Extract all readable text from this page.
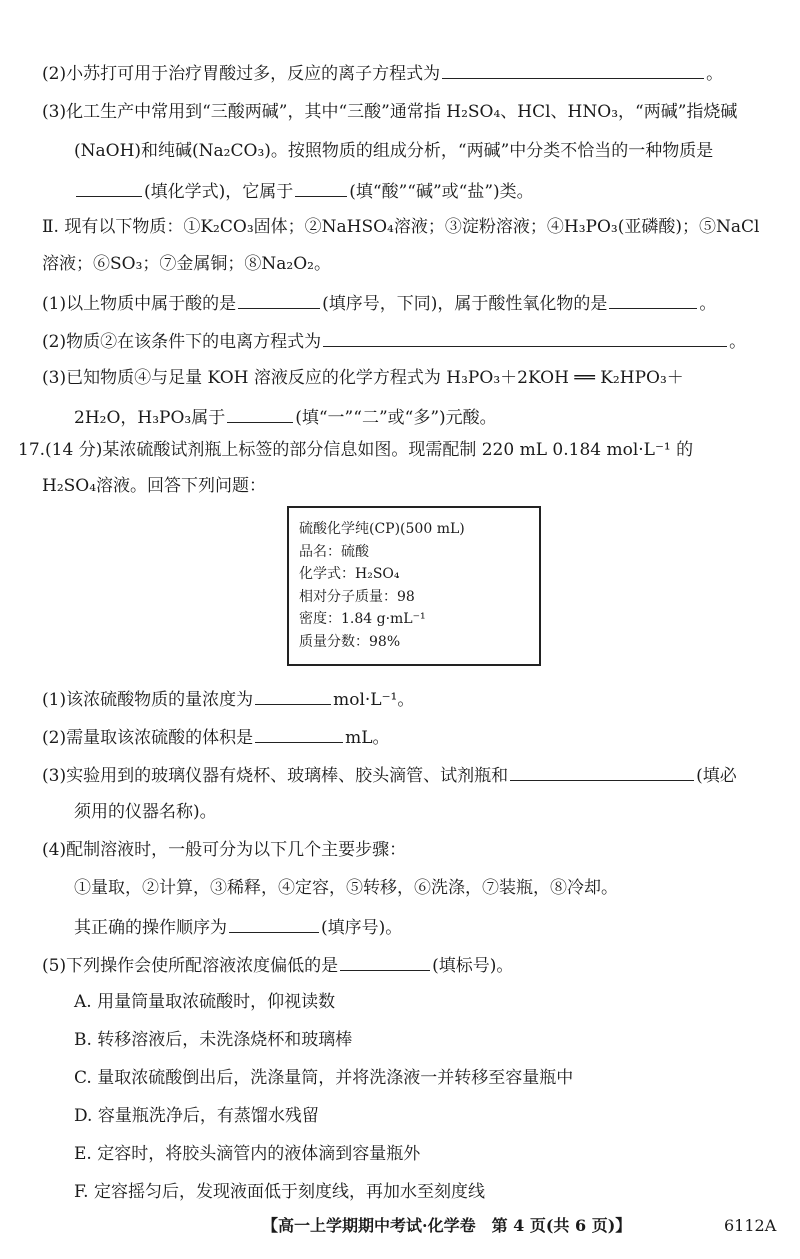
(2)小苏打可用于治疗胃酸过多，反应的离子方程式为	。
(3)化工生产中常用到“三酸两碱”，其中“三酸”通常指 H₂SO₄、HCl、HNO₃，“两碱”指烧碱
(NaOH)和纯碱(Na₂CO₃)。按照物质的组成分析，“两碱”中分类不恰当的一种物质是
(填化学式)，它属于	(填“酸”“碱”或“盐”)类。
Ⅱ. 现有以下物质：①K₂CO₃固体；②NaHSO₄溶液；③淀粉溶液；④H₃PO₃(亚磷酸)；⑤NaCl
溶液；⑥SO₃；⑦金属铜；⑧Na₂O₂。
(1)以上物质中属于酸的是	(填序号，下同)，属于酸性氧化物的是	。
(2)物质②在该条件下的电离方程式为	。
(3)已知物质④与足量 KOH 溶液反应的化学方程式为 H₃PO₃＋2KOH ══ K₂HPO₃＋
2H₂O，H₃PO₃属于	(填“一”“二”或“多”)元酸。
17.(14 分)某浓硫酸试剂瓶上标签的部分信息如图。现需配制 220 mL 0.184 mol·L⁻¹ 的
H₂SO₄溶液。回答下列问题：
硫酸化学纯(CP)(500 mL)
品名：硫酸
化学式：H₂SO₄
相对分子质量：98
密度：1.84 g·mL⁻¹
质量分数：98%
(1)该浓硫酸物质的量浓度为	mol·L⁻¹。
(2)需量取该浓硫酸的体积是	mL。
(3)实验用到的玻璃仪器有烧杯、玻璃棒、胶头滴管、试剂瓶和	(填必
须用的仪器名称)。
(4)配制溶液时，一般可分为以下几个主要步骤：
①量取，②计算，③稀释，④定容，⑤转移，⑥洗涤，⑦装瓶，⑧冷却。
其正确的操作顺序为	(填序号)。
(5)下列操作会使所配溶液浓度偏低的是	(填标号)。
A. 用量筒量取浓硫酸时，仰视读数
B. 转移溶液后，未洗涤烧杯和玻璃棒
C. 量取浓硫酸倒出后，洗涤量筒，并将洗涤液一并转移至容量瓶中
D. 容量瓶洗净后，有蒸馏水残留
E. 定容时，将胶头滴管内的液体滴到容量瓶外
F. 定容摇匀后，发现液面低于刻度线，再加水至刻度线
【高一上学期期中考试·化学卷　第 4 页(共 6 页)】	6112A
